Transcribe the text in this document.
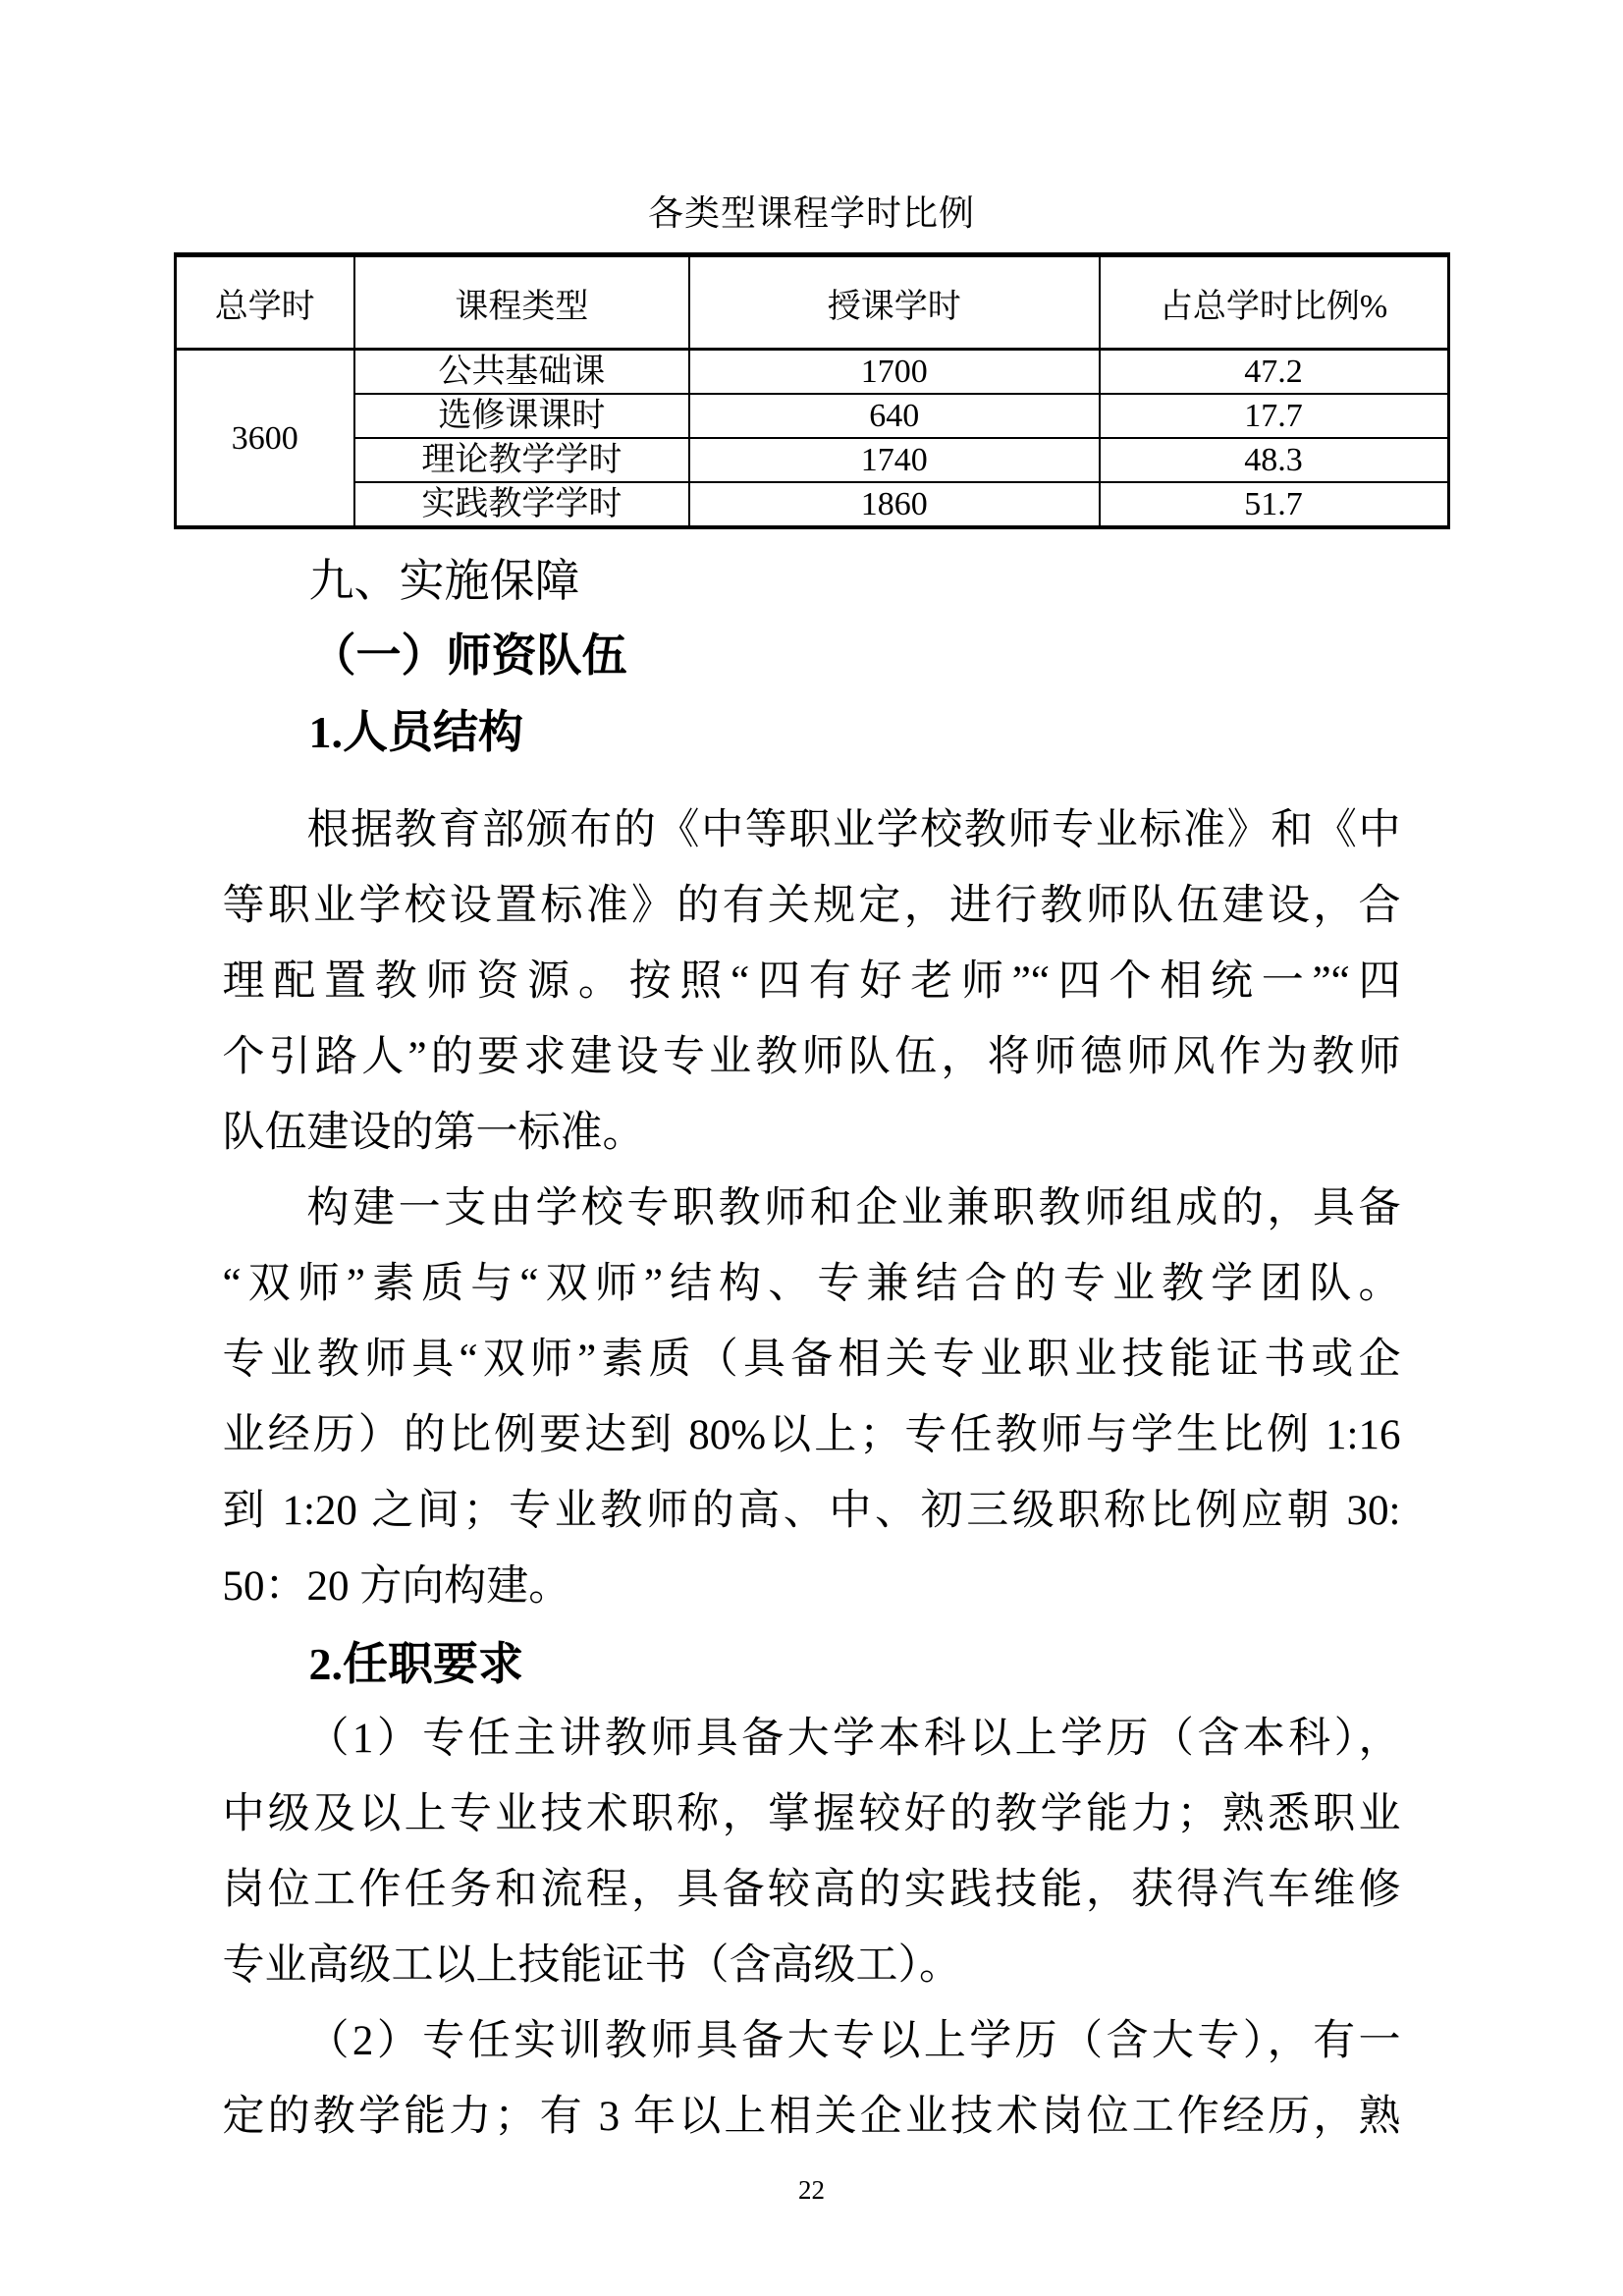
各类型课程学时比例
总学时	课程类型	授课学时	占总学时比例%
3600	公共基础课	1700	47.2
	选修课课时	640	17.7
	理论教学学时	1740	48.3
	实践教学学时	1860	51.7
九、实施保障
（一）师资队伍
1.人员结构
根据教育部颁布的《中等职业学校教师专业标准》和《中
等职业学校设置标准》的有关规定，进行教师队伍建设，合
理配置教师资源。按照“四有好老师”“四个相统一”“四
个引路人”的要求建设专业教师队伍，将师德师风作为教师
队伍建设的第一标准。
构建一支由学校专职教师和企业兼职教师组成的，具备
“双师”素质与“双师”结构、专兼结合的专业教学团队。
专业教师具“双师”素质（具备相关专业职业技能证书或企
业经历）的比例要达到 80%以上；专任教师与学生比例 1:16
到 1:20 之间；专业教师的高、中、初三级职称比例应朝 30:
50：20 方向构建。
2.任职要求
（1）专任主讲教师具备大学本科以上学历（含本科），
中级及以上专业技术职称，掌握较好的教学能力；熟悉职业
岗位工作任务和流程，具备较高的实践技能，获得汽车维修
专业高级工以上技能证书（含高级工）。
（2）专任实训教师具备大专以上学历（含大专），有一
定的教学能力；有 3 年以上相关企业技术岗位工作经历，熟
22
